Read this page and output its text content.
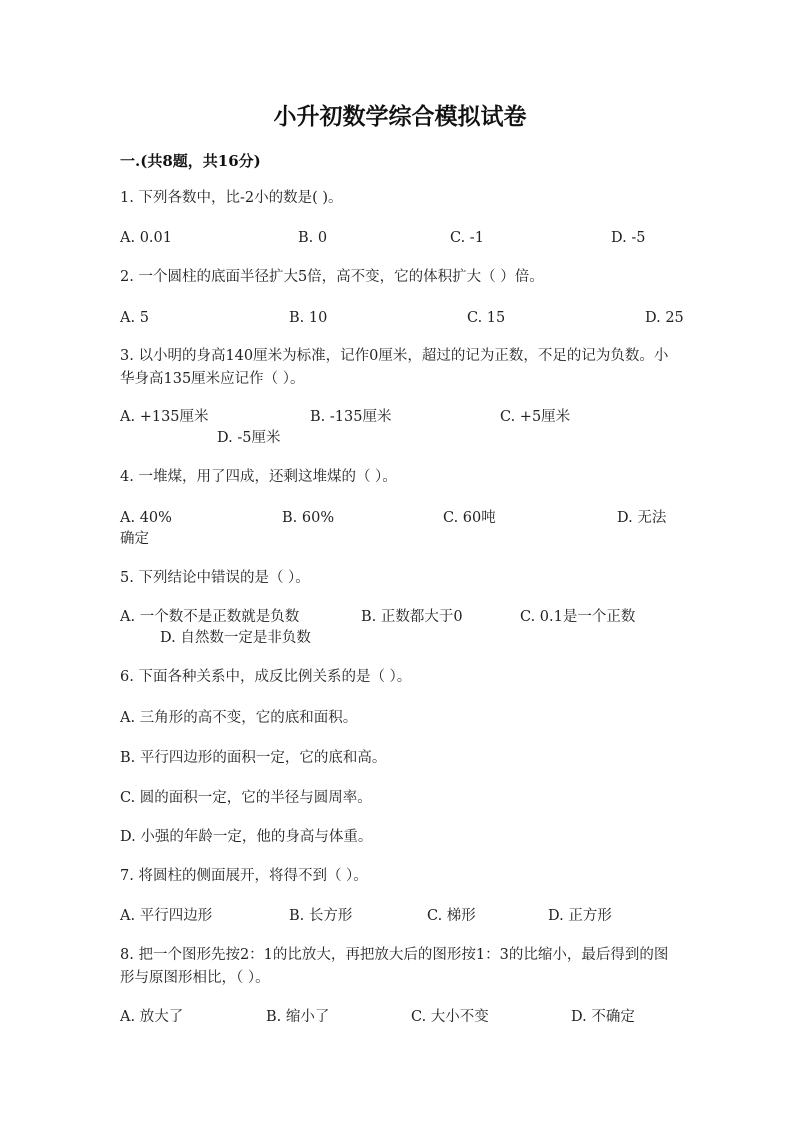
小升初数学综合模拟试卷
一.(共8题，共16分)
1. 下列各数中，比-2小的数是( )。
A. 0.01	B. 0	C. -1	D. -5
2. 一个圆柱的底面半径扩大5倍，高不变，它的体积扩大（ ）倍。
A. 5	B. 10	C. 15	D. 25
3. 以小明的身高140厘米为标准，记作0厘米，超过的记为正数，不足的记为负数。小华身高135厘米应记作（ ）。
A. +135厘米	B. -135厘米	C. +5厘米
D. -5厘米
4. 一堆煤，用了四成，还剩这堆煤的（ ）。
A. 40%	B. 60%	C. 60吨	D. 无法
确定
5. 下列结论中错误的是（ ）。
A. 一个数不是正数就是负数	B. 正数都大于0	C. 0.1是一个正数
D. 自然数一定是非负数
6. 下面各种关系中，成反比例关系的是（ ）。
A. 三角形的高不变，它的底和面积。
B. 平行四边形的面积一定，它的底和高。
C. 圆的面积一定，它的半径与圆周率。
D. 小强的年龄一定，他的身高与体重。
7. 将圆柱的侧面展开，将得不到（ ）。
A. 平行四边形	B. 长方形	C. 梯形	D. 正方形
8. 把一个图形先按2：1的比放大，再把放大后的图形按1：3的比缩小，最后得到的图形与原图形相比，（ ）。
A. 放大了	B. 缩小了	C. 大小不变	D. 不确定
